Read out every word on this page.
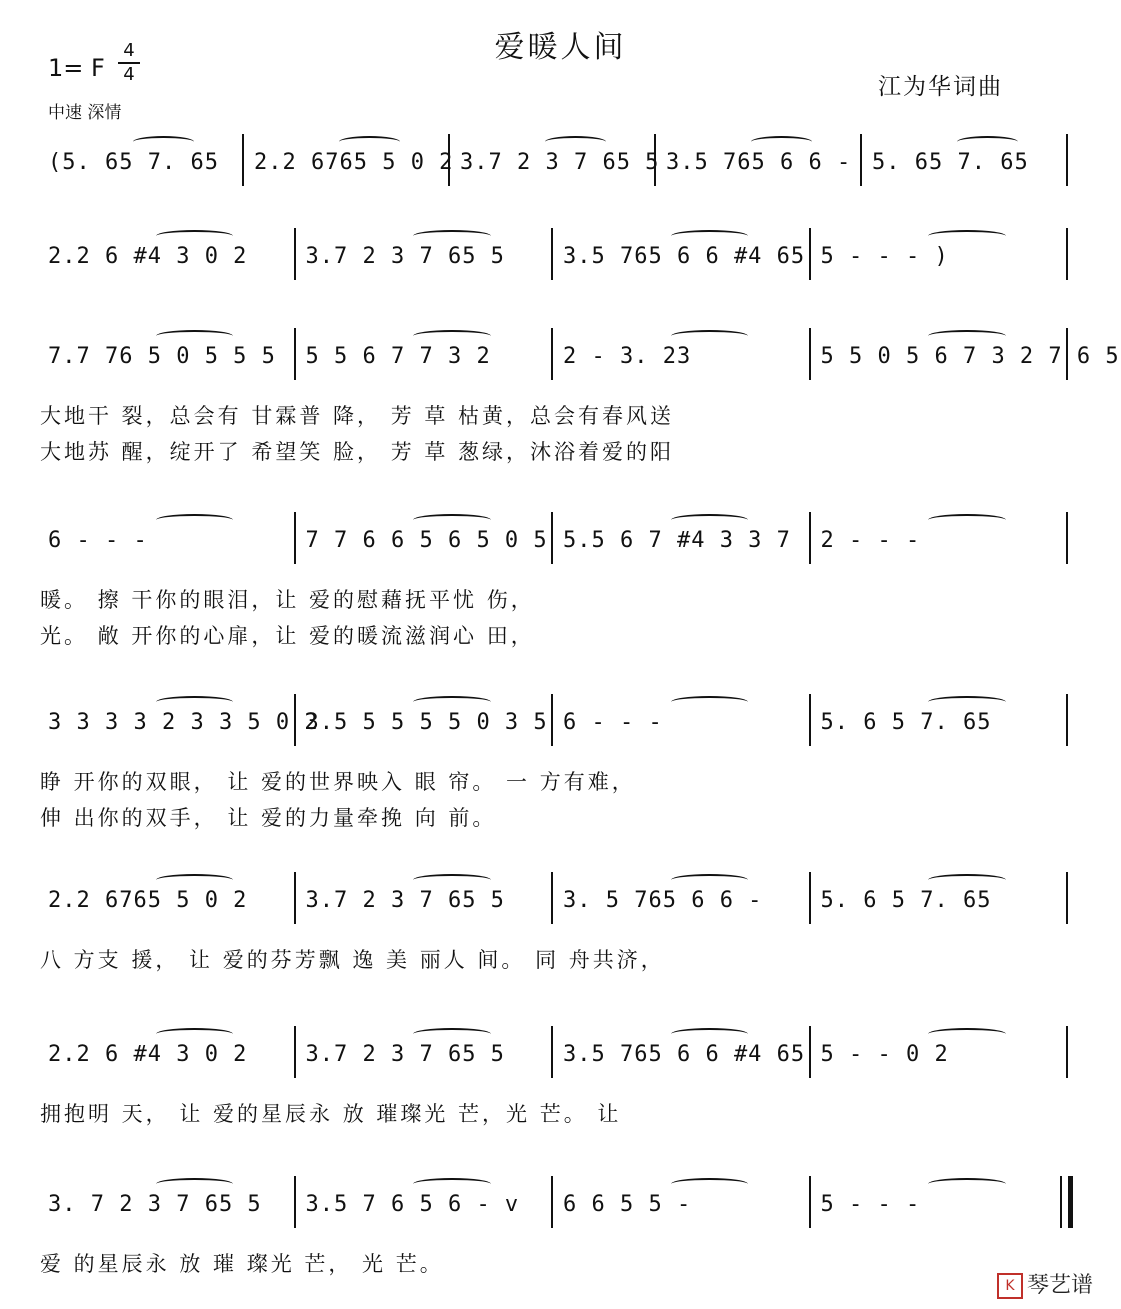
爱暖人间
1= F
4
4
中速 深情
江为华词曲
(5. 65 7. 65 2.2 6765 5 0 2 3.7 2 3 7 65 5 3.5 765 6 6 - 5. 65 7. 65
2.2 6 #4 3 0 2	3.7 2 3 7 65 5	3.5 765 6 6 #4 65 5 - - - )
7.7 76 5 0 5 5 5 5 5 6 7 7 3 2	2 - 3. 23	5 5 0 5 6 7 3 2 7 6 5
大地干 裂，总会有 甘霖普 降， 芳 草 枯黄，总会有春风送
大地苏 醒，绽开了 希望笑 脸， 芳 草 葱绿，沐浴着爱的阳
6 - - -	7 7 6 6 5 6 5 0 5 5.5 6 7 #4 3 3 7 2 - - -
暖。 擦 干你的眼泪，让 爱的慰藉抚平忧 伤，
光。 敞 开你的心扉，让 爱的暖流滋润心 田，
3 3 3 3 2 3 3 5 0 2
3.5 5 5 5 5 0 3 5 6 - - -	5. 6 5 7. 65
睁 开你的双眼， 让 爱的世界映入 眼 帘。 一 方有难，
伸 出你的双手， 让 爱的力量牵挽 向 前。
2.2 6765 5 0 2	3.7 2 3 7 65 5	3. 5 765 6 6 -	5. 6 5 7. 65
八 方支 援， 让 爱的芬芳飘 逸 美 丽人 间。 同 舟共济，
2.2 6 #4 3 0 2	3.7 2 3 7 65 5	3.5 765 6 6 #4 65 5 - - 0 2
拥抱明 天， 让 爱的星辰永 放 璀璨光 芒，光 芒。 让
3. 7 2 3 7 65 5 3.5 7 6 5 6 - v 6 6 5 5 -	5 - - -
爱 的星辰永 放 璀 璨光 芒， 光 芒。
K 琴艺谱
